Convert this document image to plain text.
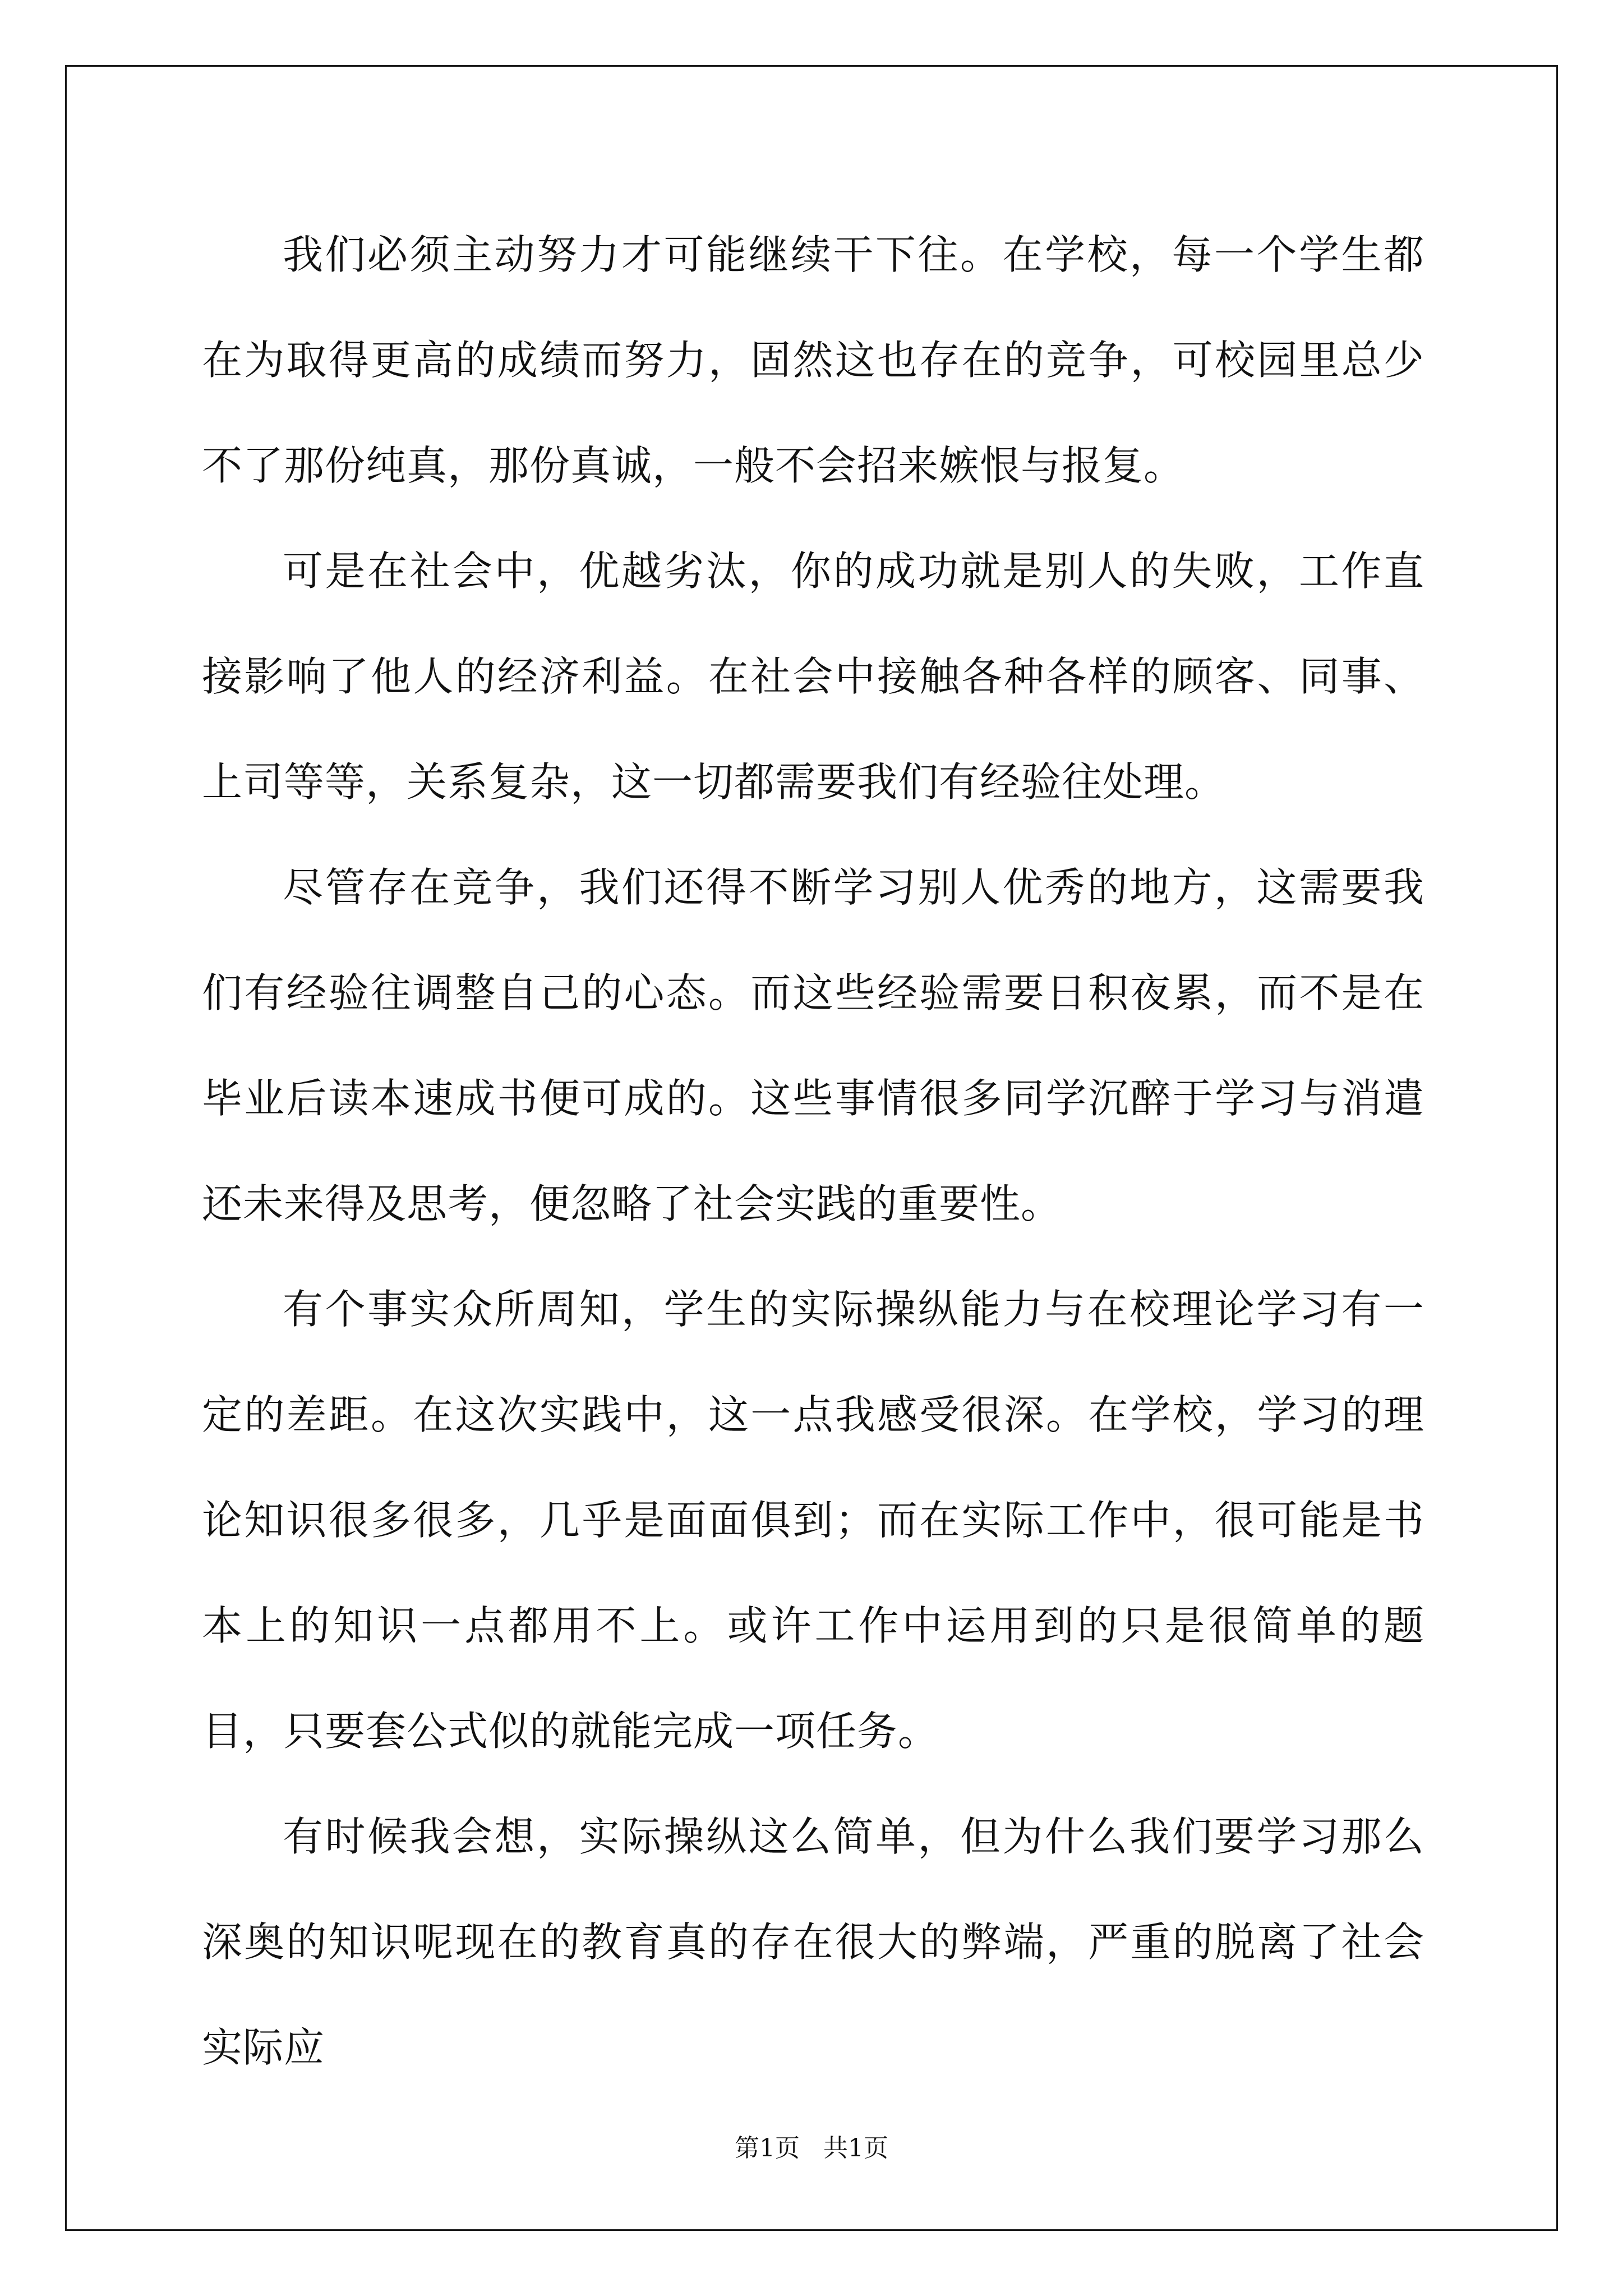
我们必须主动努力才可能继续干下往。在学校，每一个学生都在为取得更高的成绩而努力，固然这也存在的竞争，可校园里总少不了那份纯真，那份真诚，一般不会招来嫉恨与报复。

可是在社会中，优越劣汰，你的成功就是别人的失败，工作直接影响了他人的经济利益。在社会中接触各种各样的顾客、同事、上司等等，关系复杂，这一切都需要我们有经验往处理。

尽管存在竞争，我们还得不断学习别人优秀的地方，这需要我们有经验往调整自己的心态。而这些经验需要日积夜累，而不是在毕业后读本速成书便可成的。这些事情很多同学沉醉于学习与消遣还未来得及思考，便忽略了社会实践的重要性。

有个事实众所周知，学生的实际操纵能力与在校理论学习有一定的差距。在这次实践中，这一点我感受很深。在学校，学习的理论知识很多很多，几乎是面面俱到；而在实际工作中，很可能是书本上的知识一点都用不上。或许工作中运用到的只是很简单的题目，只要套公式似的就能完成一项任务。

有时候我会想，实际操纵这么简单，但为什么我们要学习那么深奥的知识呢现在的教育真的存在很大的弊端，严重的脱离了社会实际应

第1页   共1页
